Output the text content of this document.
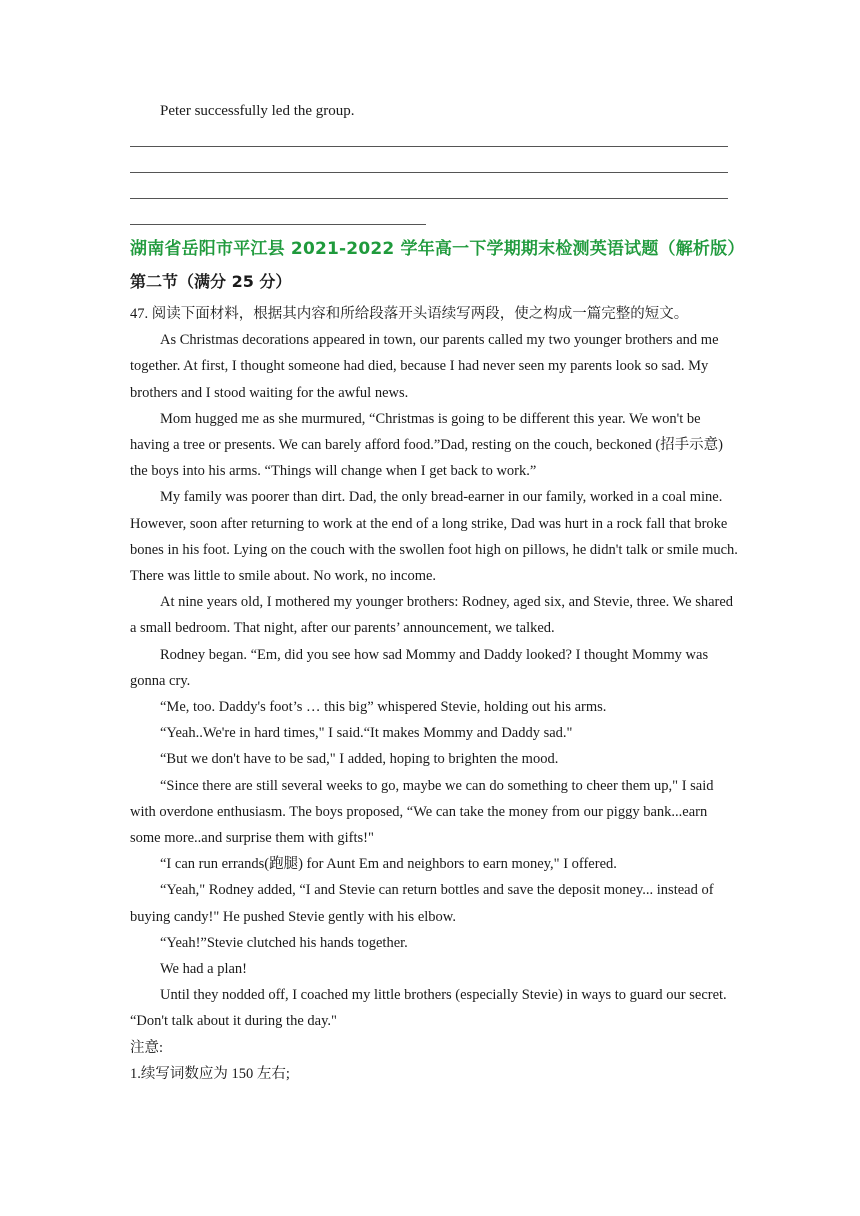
Peter successfully led the group.
湖南省岳阳市平江县 2021-2022 学年高一下学期期末检测英语试题（解析版）
第二节（满分 25 分）

47. 阅读下面材料，根据其内容和所给段落开头语续写两段，使之构成一篇完整的短文。

As Christmas decorations appeared in town, our parents called my two younger brothers and me together. At first, I thought someone had died, because I had never seen my parents look so sad. My brothers and I stood waiting for the awful news.

Mom hugged me as she murmured, “Christmas is going to be different this year. We won't be having a tree or presents. We can barely afford food.”Dad, resting on the couch, beckoned (招手示意) the boys into his arms. “Things will change when I get back to work.”

My family was poorer than dirt. Dad, the only bread-earner in our family, worked in a coal mine. However, soon after returning to work at the end of a long strike, Dad was hurt in a rock fall that broke bones in his foot. Lying on the couch with the swollen foot high on pillows, he didn't talk or smile much. There was little to smile about. No work, no income.

At nine years old, I mothered my younger brothers: Rodney, aged six, and Stevie, three. We shared a small bedroom. That night, after our parents’ announcement, we talked.

Rodney began. “Em, did you see how sad Mommy and Daddy looked? I thought Mommy was gonna cry.

“Me, too. Daddy's foot’s … this big” whispered Stevie, holding out his arms.

“Yeah..We're in hard times," I said.“It makes Mommy and Daddy sad."

“But we don't have to be sad," I added, hoping to brighten the mood.

“Since there are still several weeks to go, maybe we can do something to cheer them up," I said with overdone enthusiasm. The boys proposed, “We can take the money from our piggy bank...earn some more..and surprise them with gifts!"

“I can run errands(跑腿) for Aunt Em and neighbors to earn money," I offered.

“Yeah," Rodney added, “I and Stevie can return bottles and save the deposit money... instead of buying candy!" He pushed Stevie gently with his elbow.

“Yeah!”Stevie clutched his hands together.

We had a plan!

Until they nodded off, I coached my little brothers (especially Stevie) in ways to guard our secret. “Don't talk about it during the day."

注意:

1.续写词数应为 150 左右;
